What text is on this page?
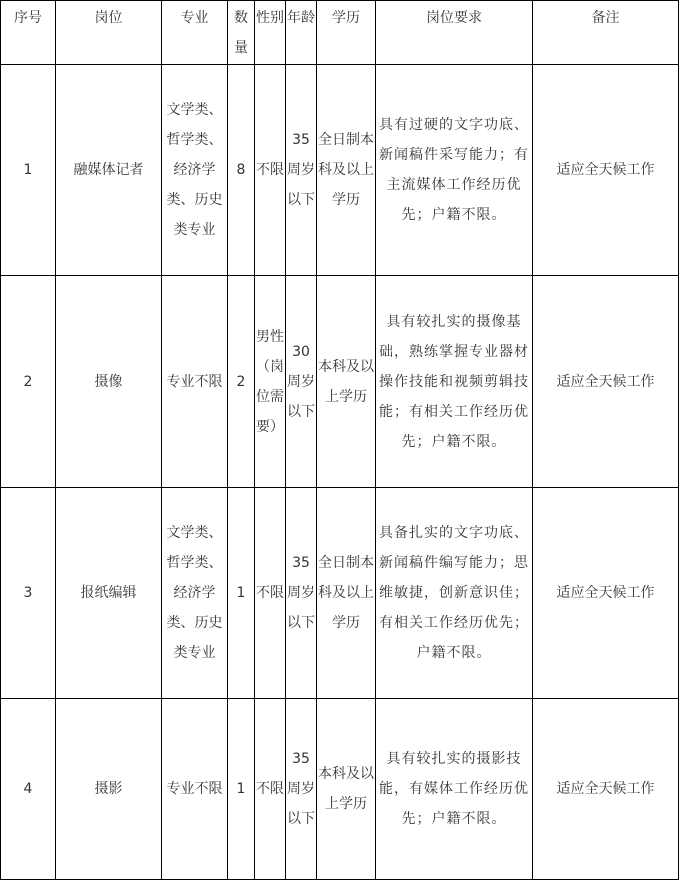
序号	岗位	专业	数量	性别	年龄	学历	岗位要求	备注
1	融媒体记者	文学类、哲学类、经济学类、历史类专业	8	不限	35周岁以下	全日制本科及以上学历	具有过硬的文字功底、新闻稿件采写能力；有主流媒体工作经历优先；户籍不限。	适应全天候工作
2	摄像	专业不限	2	男性（岗位需要）	30周岁以下	本科及以上学历	具有较扎实的摄像基础，熟练掌握专业器材操作技能和视频剪辑技能；有相关工作经历优先；户籍不限。	适应全天候工作
3	报纸编辑	文学类、哲学类、经济学类、历史类专业	1	不限	35周岁以下	全日制本科及以上学历	具备扎实的文字功底、新闻稿件编写能力；思维敏捷，创新意识佳；有相关工作经历优先；户籍不限。	适应全天候工作
4	摄影	专业不限	1	不限	35周岁以下	本科及以上学历	具有较扎实的摄影技能，有媒体工作经历优先；户籍不限。	适应全天候工作
